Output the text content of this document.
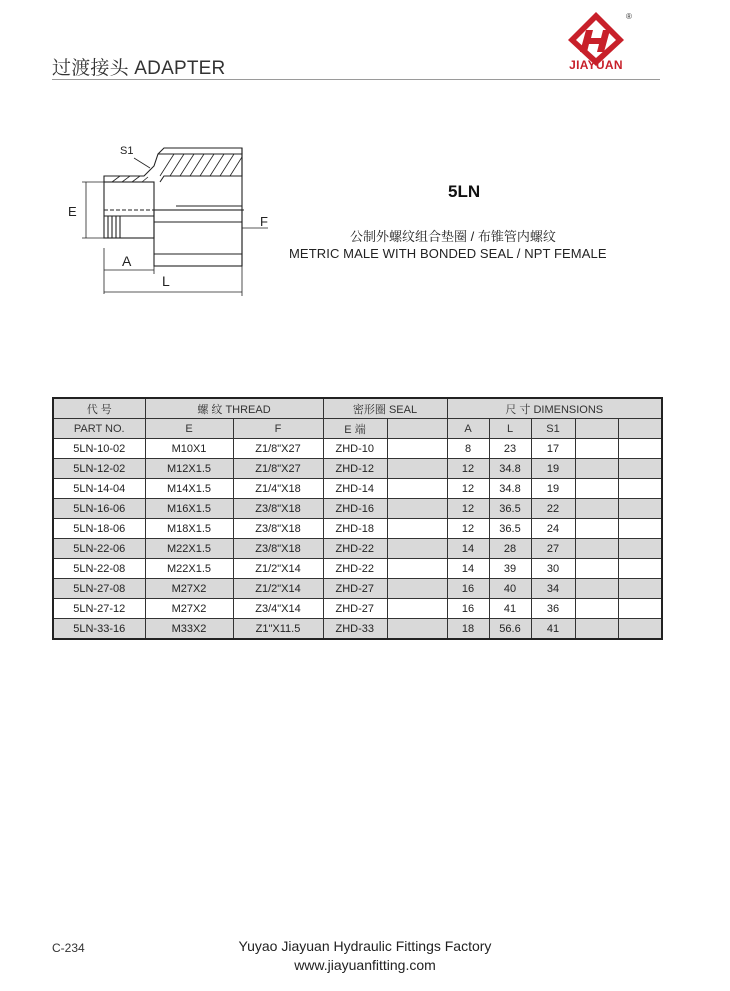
过渡接头 ADAPTER
®
JIAYUAN
S1
E
F
A
L
5LN
公制外螺纹组合垫圈 / 布锥管内螺纹
METRIC MALE WITH BONDED SEAL / NPT FEMALE
代 号	螺 纹 THREAD		密形圈 SEAL		尺 寸 DIMENSIONS				
PART NO.	E	F	E 端		A	L	S1		
5LN-10-02	M10X1	Z1/8"X27	ZHD-10		8	23	17		
5LN-12-02	M12X1.5	Z1/8"X27	ZHD-12		12	34.8	19		
5LN-14-04	M14X1.5	Z1/4"X18	ZHD-14		12	34.8	19		
5LN-16-06	M16X1.5	Z3/8"X18	ZHD-16		12	36.5	22		
5LN-18-06	M18X1.5	Z3/8"X18	ZHD-18		12	36.5	24		
5LN-22-06	M22X1.5	Z3/8"X18	ZHD-22		14	28	27		
5LN-22-08	M22X1.5	Z1/2"X14	ZHD-22		14	39	30		
5LN-27-08	M27X2	Z1/2"X14	ZHD-27		16	40	34		
5LN-27-12	M27X2	Z3/4"X14	ZHD-27		16	41	36		
5LN-33-16	M33X2	Z1"X11.5	ZHD-33		18	56.6	41		
C-234	Yuyao Jiayuan Hydraulic Fittings Factory
www.jiayuanfitting.com
